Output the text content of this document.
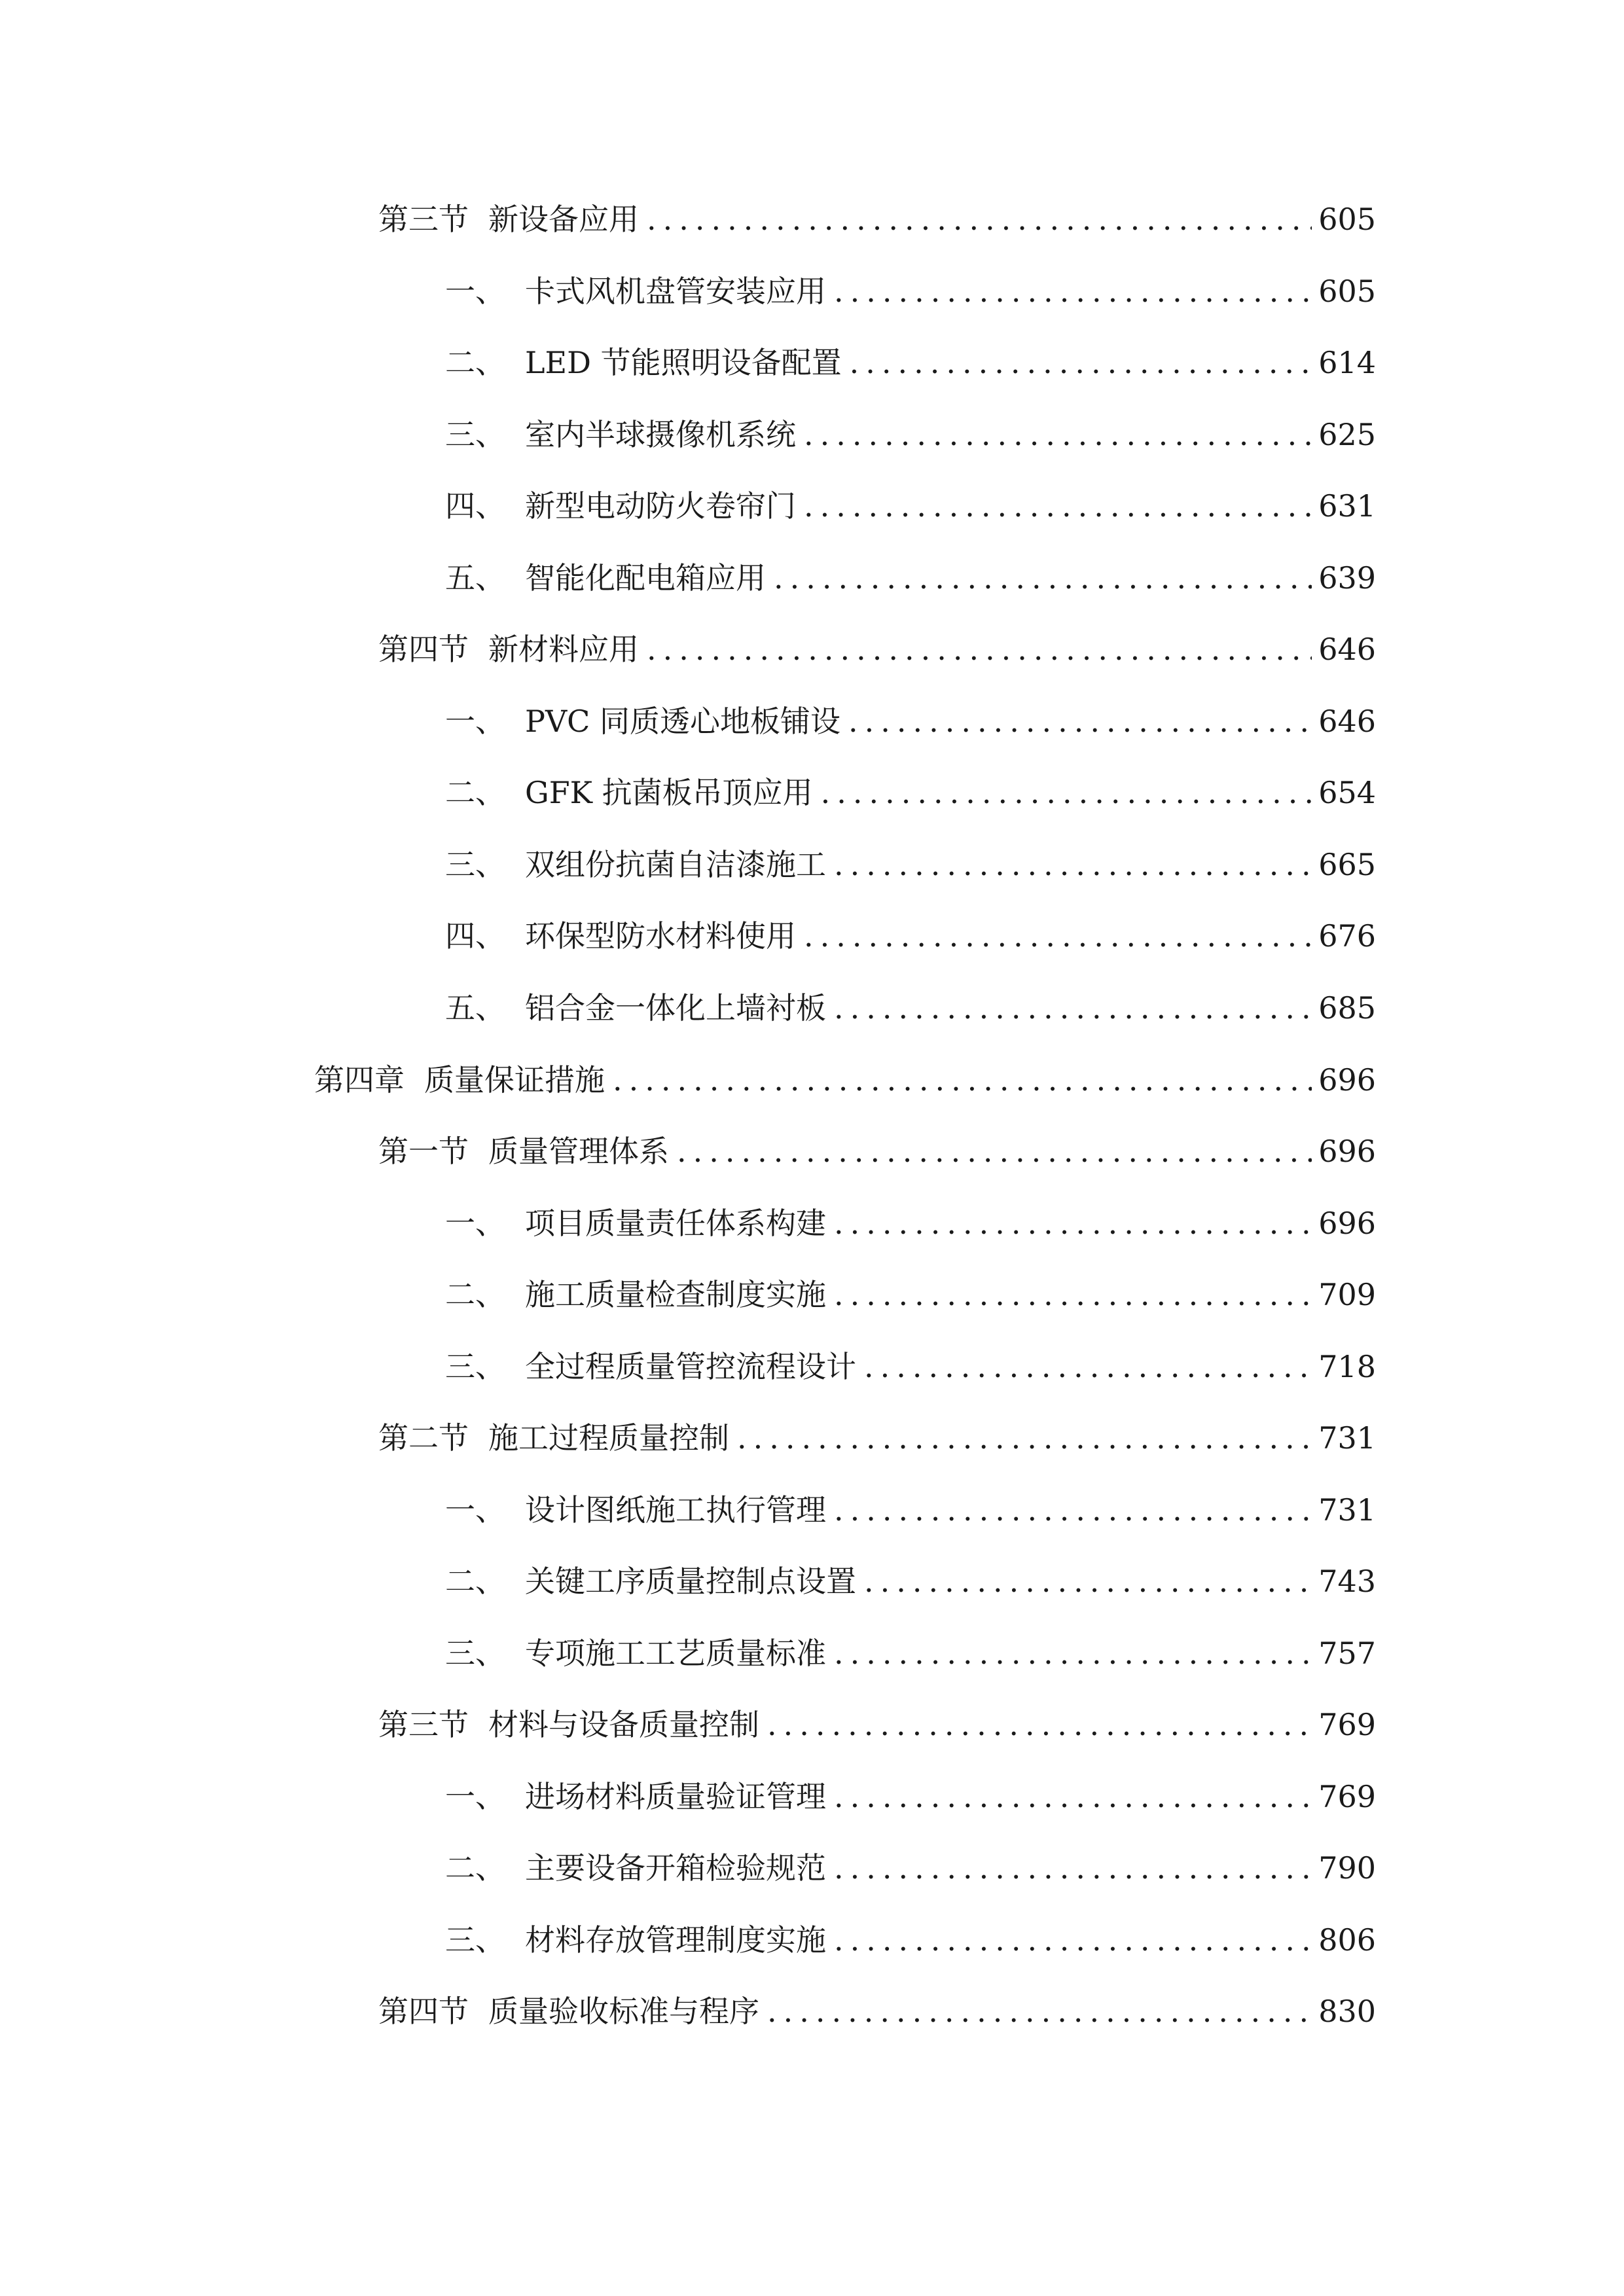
第三节 新设备应用 .....	605
一、 卡式风机盘管安装应用 .....	605
二、 LED 节能照明设备配置 .....	614
三、 室内半球摄像机系统 .....	625
四、 新型电动防火卷帘门 .....	631
五、 智能化配电箱应用 .....	639
第四节 新材料应用 .....	646
一、 PVC 同质透心地板铺设 .....	646
二、 GFK 抗菌板吊顶应用 .....	654
三、 双组份抗菌自洁漆施工 .....	665
四、 环保型防水材料使用 .....	676
五、 铝合金一体化上墙衬板 .....	685
第四章 质量保证措施 .....	696
第一节 质量管理体系 .....	696
一、 项目质量责任体系构建 .....	696
二、 施工质量检查制度实施 .....	709
三、 全过程质量管控流程设计 .....	718
第二节 施工过程质量控制 .....	731
一、 设计图纸施工执行管理 .....	731
二、 关键工序质量控制点设置 .....	743
三、 专项施工工艺质量标准 .....	757
第三节 材料与设备质量控制 .....	769
一、 进场材料质量验证管理 .....	769
二、 主要设备开箱检验规范 .....	790
三、 材料存放管理制度实施 .....	806
第四节 质量验收标准与程序 .....	830
